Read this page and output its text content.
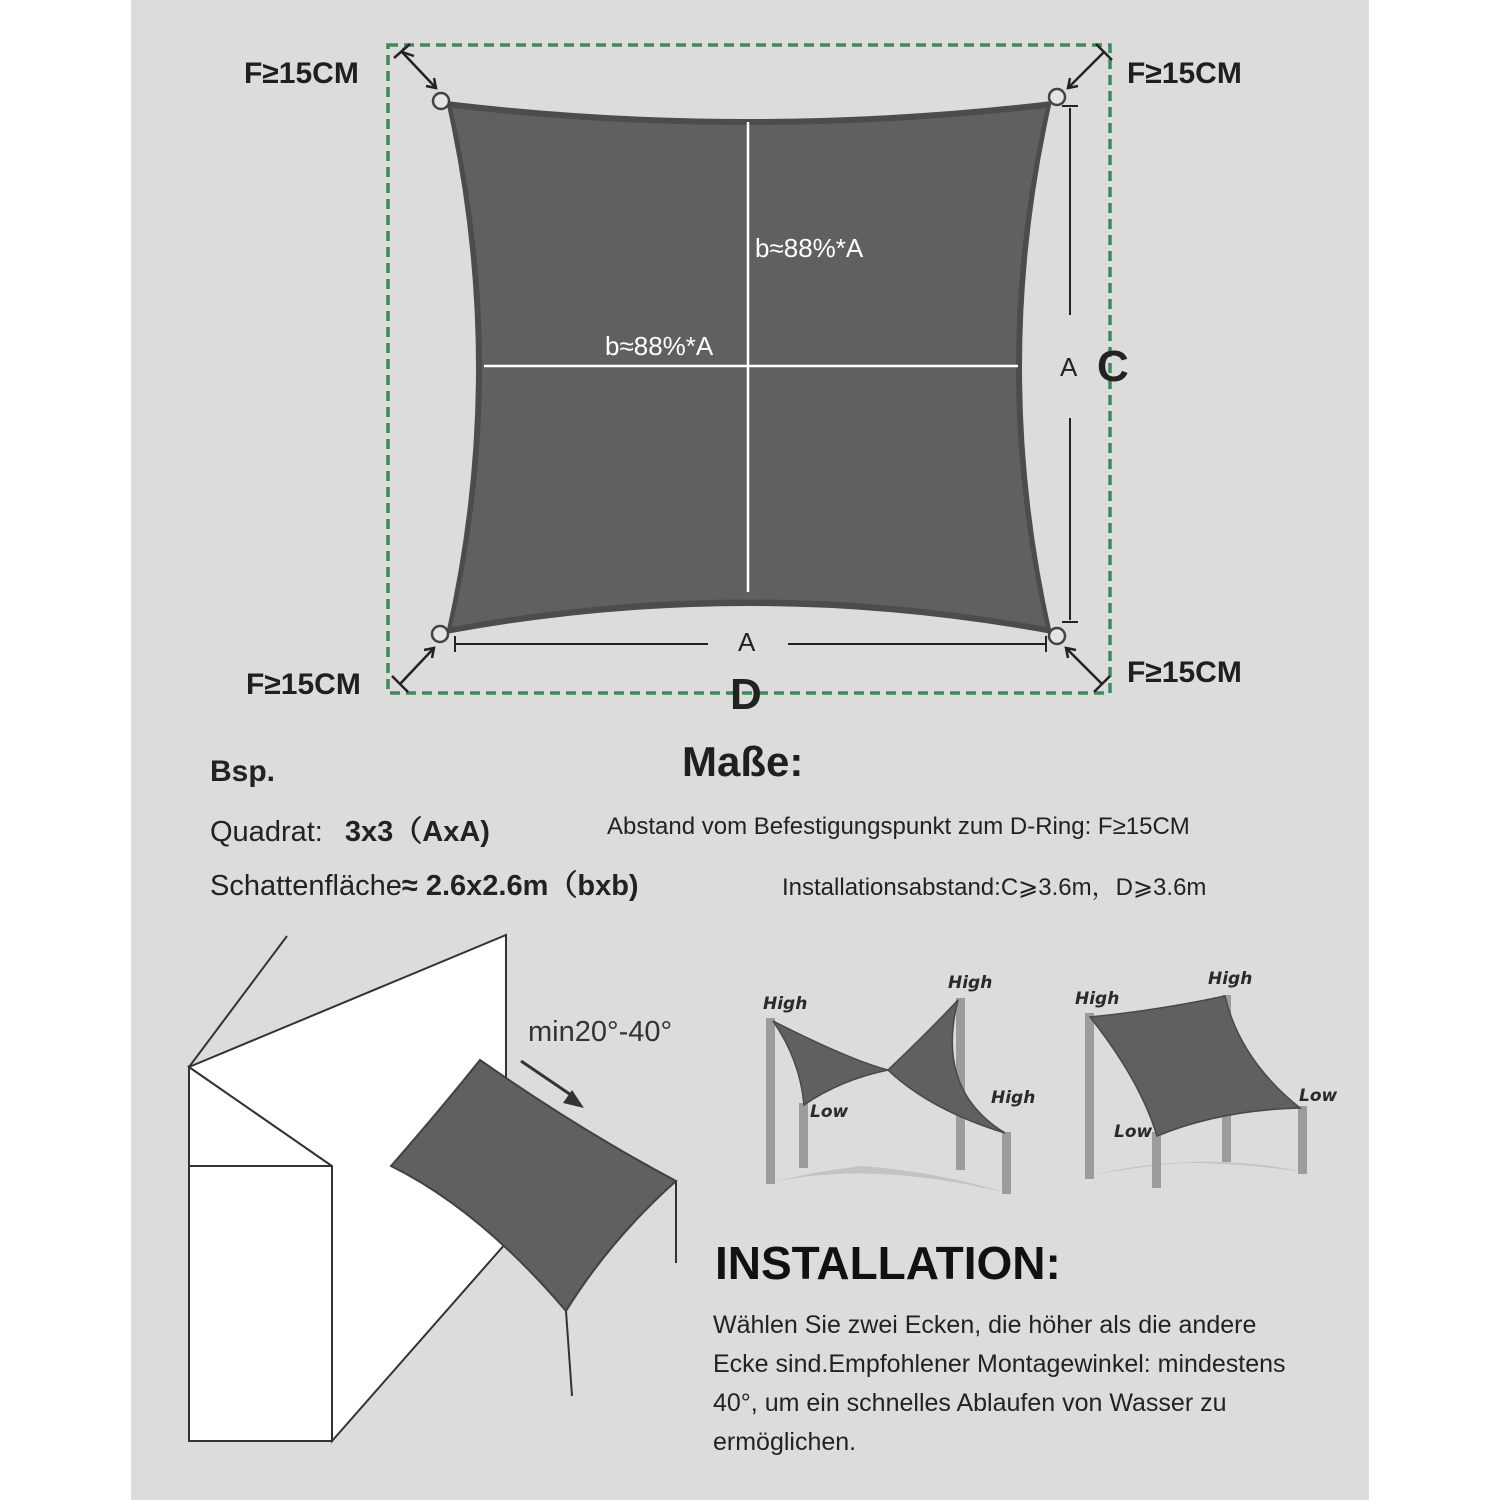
F≥15CM	F≥15CM
F≥15CM	F≥15CM
b≈88%*A
b≈88%*A
A
A
C
D
Maße:
Bsp.
Quadrat: 3x3（AxA)
Schattenfläche≈ 2.6x2.6m（bxb)
Abstand vom Befestigungspunkt zum D-Ring: F≥15CM
Installationsabstand:C⩾3.6m，D⩾3.6m
min20°-40°
High
High
High
Low
High
High
Low
Low
INSTALLATION:
Wählen Sie zwei Ecken, die höher als die andere
Ecke sind.Empfohlener Montagewinkel: mindestens
40°, um ein schnelles Ablaufen von Wasser zu
ermöglichen.
